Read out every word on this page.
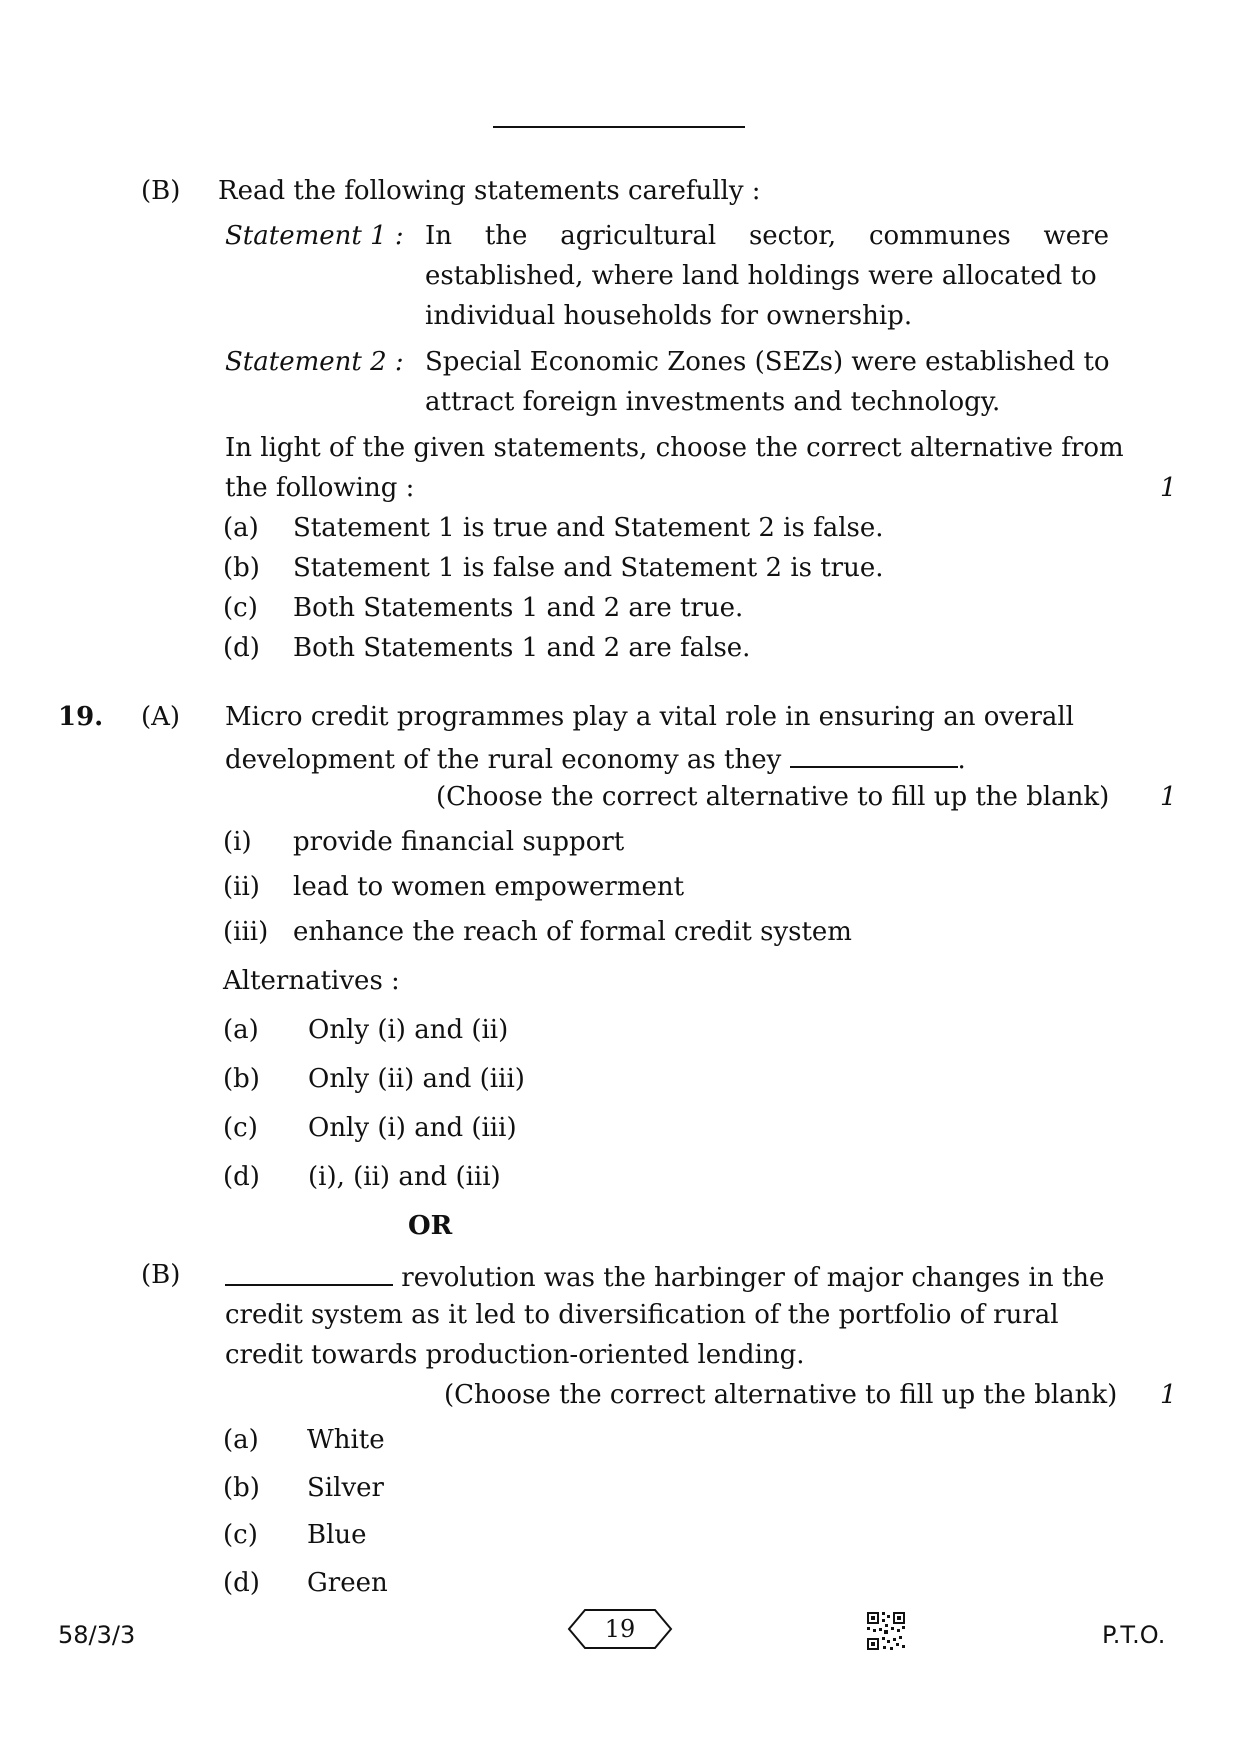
(B) Read the following statements carefully :
Statement 1 : In the agricultural sector, communes were
established, where land holdings were allocated to
individual households for ownership.
Statement 2 : Special Economic Zones (SEZs) were established to
attract foreign investments and technology.
In light of the given statements, choose the correct alternative from
the following :	1
(a) Statement 1 is true and Statement 2 is false.
(b) Statement 1 is false and Statement 2 is true.
(c) Both Statements 1 and 2 are true.
(d) Both Statements 1 and 2 are false.
19. (A) Micro credit programmes play a vital role in ensuring an overall
development of the rural economy as they	.
(Choose the correct alternative to fill up the blank) 1
(i) provide financial support
(ii) lead to women empowerment
(iii) enhance the reach of formal credit system
Alternatives :
(a) Only (i) and (ii)
(b) Only (ii) and (iii)
(c) Only (i) and (iii)
(d) (i), (ii) and (iii)
OR
(B)	revolution was the harbinger of major changes in the
credit system as it led to diversification of the portfolio of rural
credit towards production-oriented lending.
(Choose the correct alternative to fill up the blank) 1
(a) White
(b) Silver
(c) Blue
(d) Green
58/3/3	19	P.T.O.
